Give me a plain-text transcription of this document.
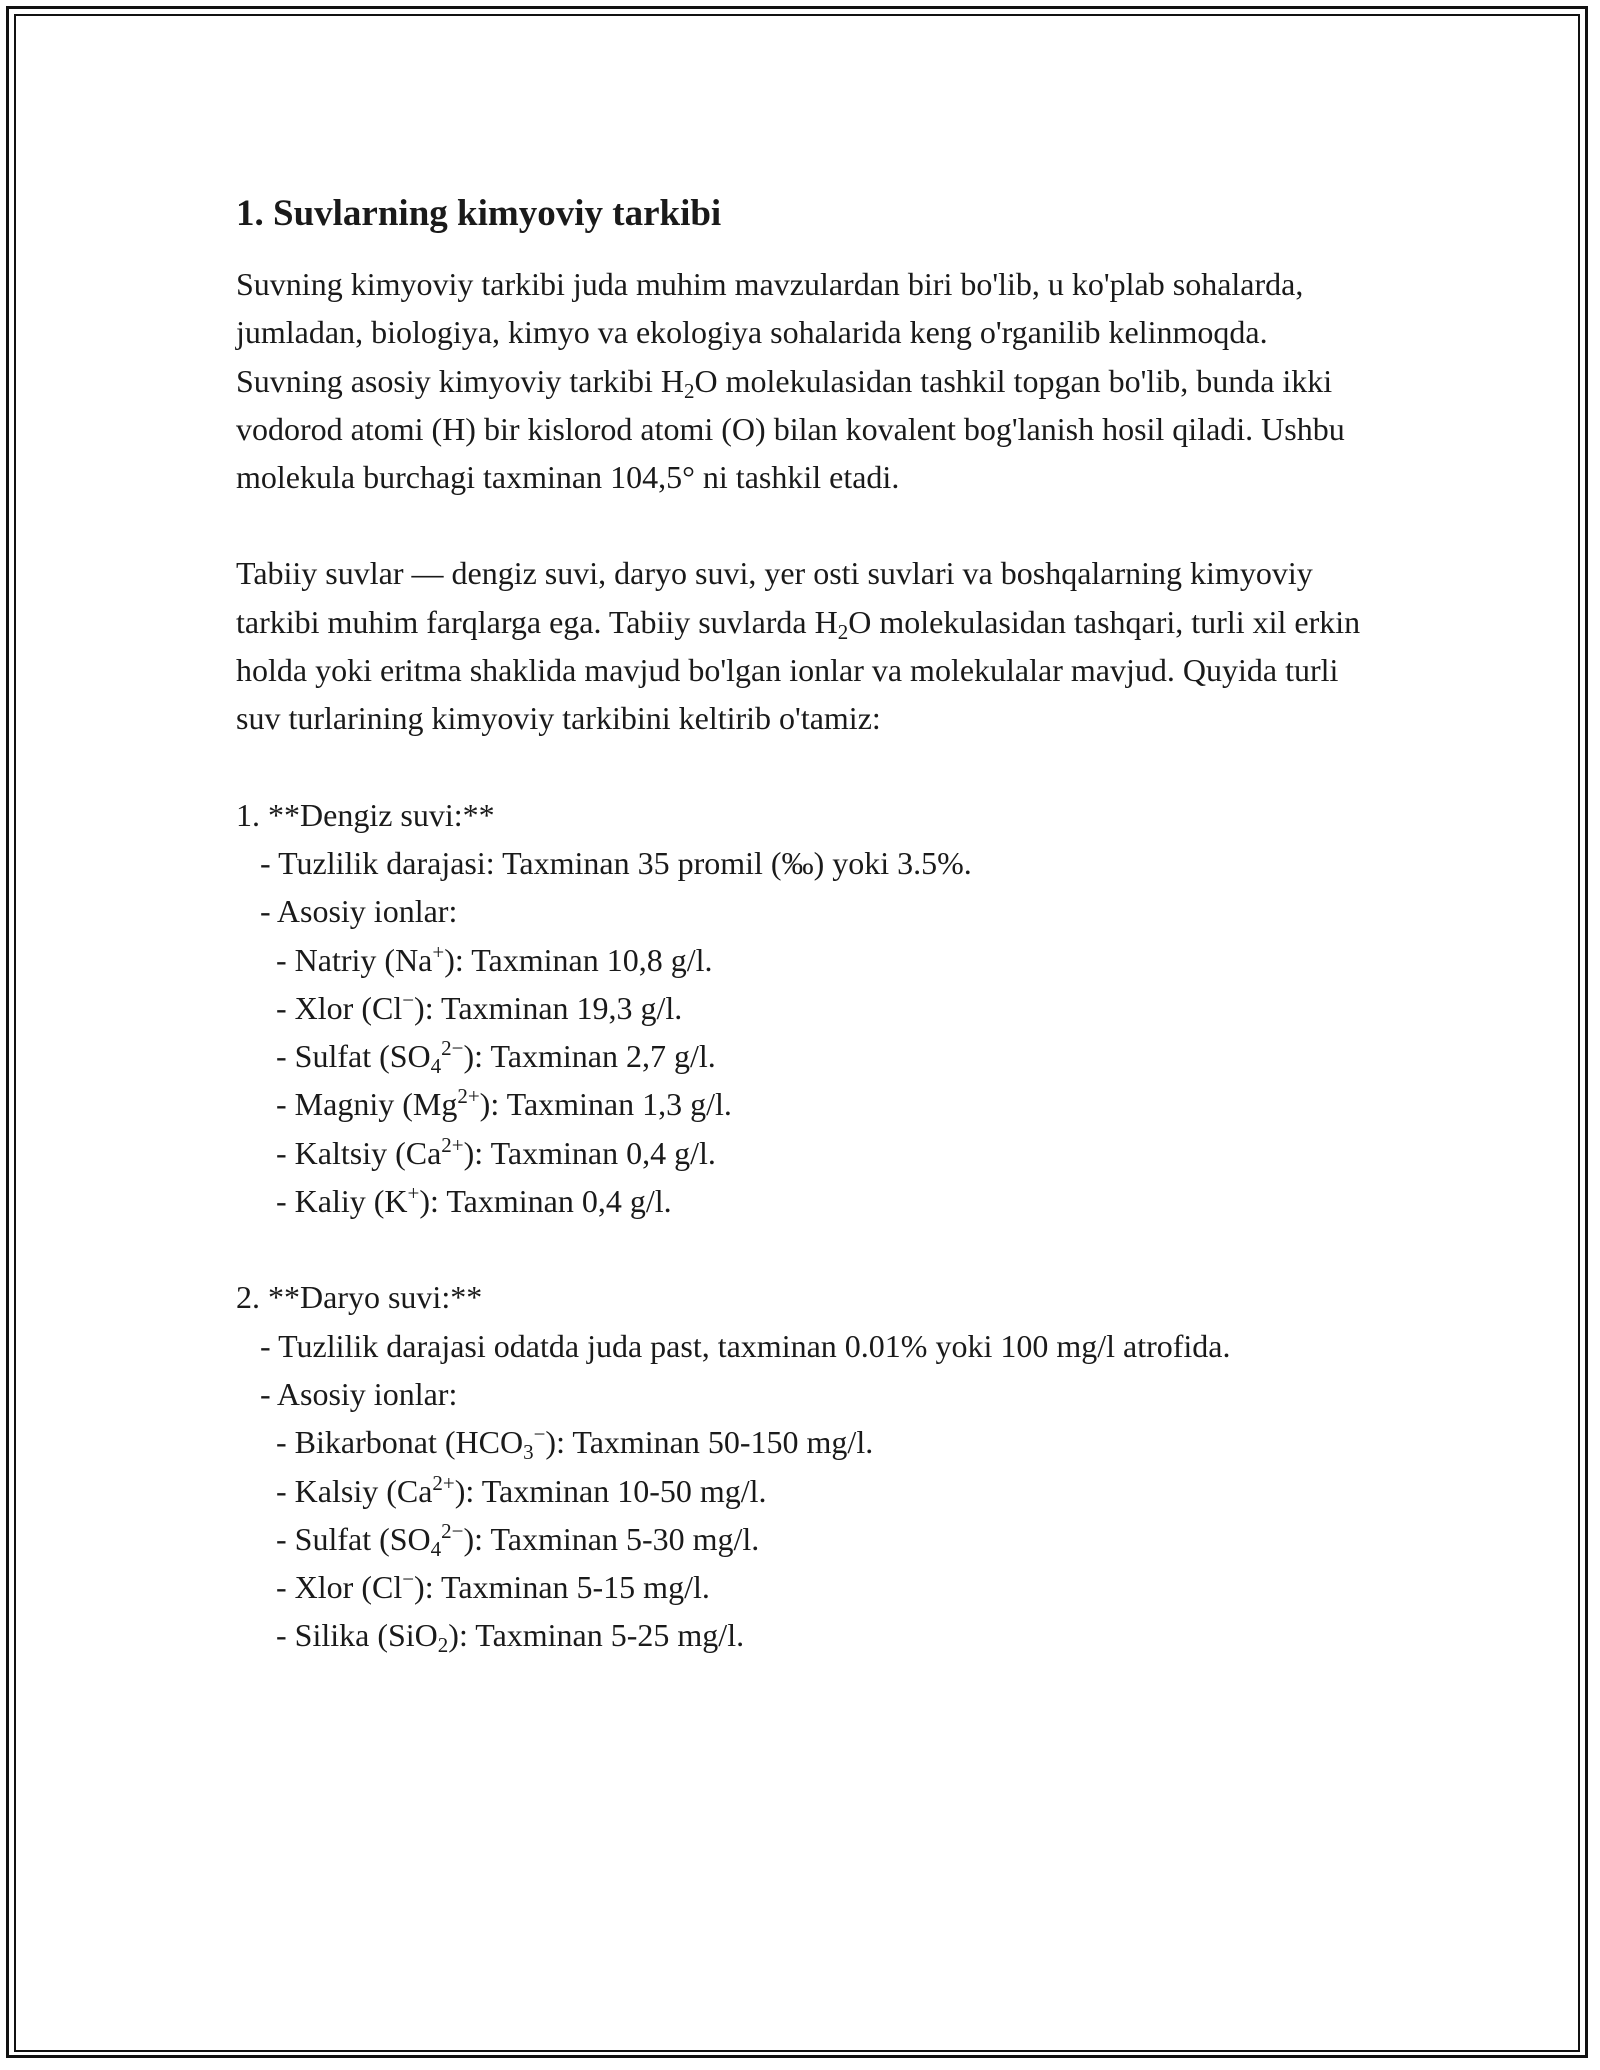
1. Suvlarning kimyoviy tarkibi

Suvning kimyoviy tarkibi juda muhim mavzulardan biri bo'lib, u ko'plab sohalarda, jumladan, biologiya, kimyo va ekologiya sohalarida keng o'rganilib kelinmoqda. Suvning asosiy kimyoviy tarkibi $H_2O$ molekulasidan tashkil topgan bo'lib, bunda ikki vodorod atomi (H) bir kislorod atomi (O) bilan kovalent bog'lanish hosil qiladi. Ushbu molekula burchagi taxminan 104,5° ni tashkil etadi.

Tabiiy suvlar — dengiz suvi, daryo suvi, yer osti suvlari va boshqalarning kimyoviy tarkibi muhim farqlarga ega. Tabiiy suvlarda $H_2O$ molekulasidan tashqari, turli xil erkin holda yoki eritma shaklida mavjud bo'lgan ionlar va molekulalar mavjud. Quyida turli suv turlarining kimyoviy tarkibini keltirib o'tamiz:

1. **Dengiz suvi:**
- Tuzlilik darajasi: Taxminan 35 promil (‰) yoki 3.5%.
- Asosiy ionlar:
- Natriy (Na+): Taxminan 10,8 g/l.
- Xlor (Cl−): Taxminan 19,3 g/l.
- Sulfat $(SO_4^{2-})$: Taxminan 2,7 g/l.
- Magniy $(Mg^{2+})$: Taxminan 1,3 g/l.
- Kaltsiy $(Ca^{2+})$: Taxminan 0,4 g/l.
- Kaliy (K+): Taxminan 0,4 g/l.
2. **Daryo suvi:**
- Tuzlilik darajasi odatda juda past, taxminan 0.01% yoki 100 mg/l atrofida.
- Asosiy ionlar:
- Bikarbonat $(HCO_3^-)$: Taxminan 50-150 mg/l.
- Kalsiy $(Ca^{2+})$: Taxminan 10-50 mg/l.
- Sulfat $(SO_4^{2-})$: Taxminan 5-30 mg/l.
- Xlor (Cl−): Taxminan 5-15 mg/l.
- Silika (SiO$_2$): Taxminan 5-25 mg/l.
